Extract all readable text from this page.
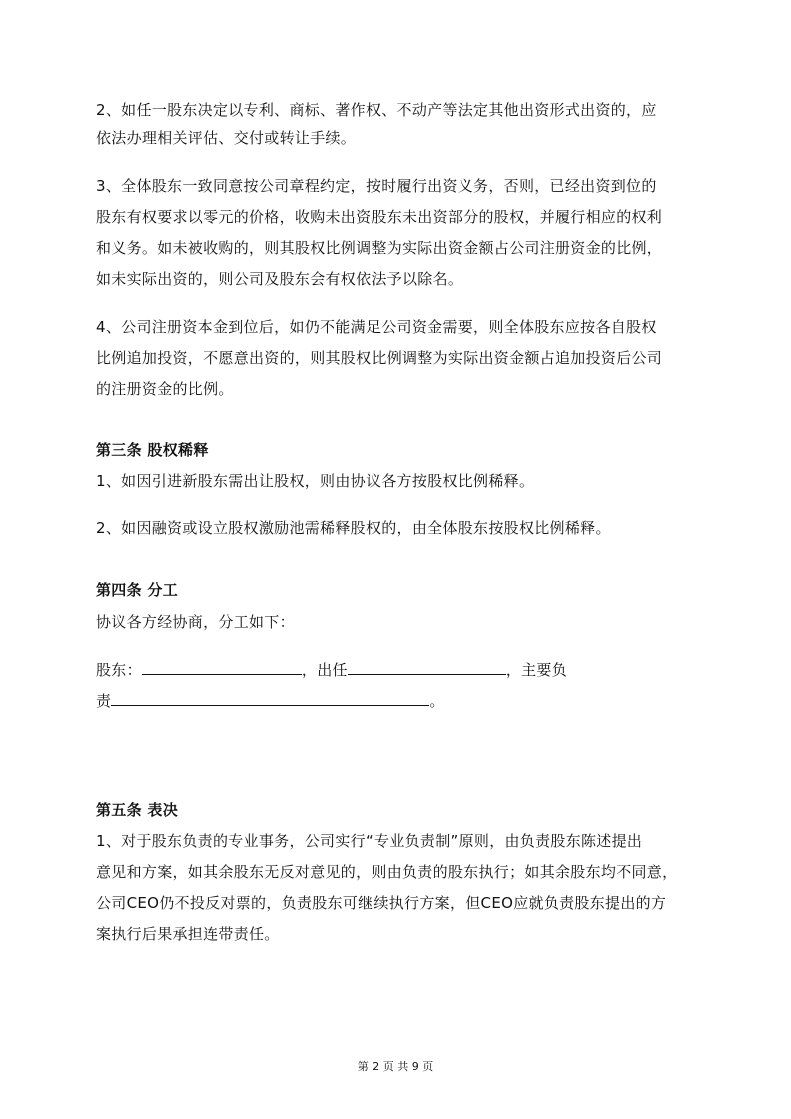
2、如任一股东决定以专利、商标、著作权、不动产等法定其他出资形式出资的，应
依法办理相关评估、交付或转让手续。
3、全体股东一致同意按公司章程约定，按时履行出资义务，否则，已经出资到位的
股东有权要求以零元的价格，收购未出资股东未出资部分的股权，并履行相应的权利
和义务。如未被收购的，则其股权比例调整为实际出资金额占公司注册资金的比例，
如未实际出资的，则公司及股东会有权依法予以除名。
4、公司注册资本金到位后，如仍不能满足公司资金需要，则全体股东应按各自股权
比例追加投资，不愿意出资的，则其股权比例调整为实际出资金额占追加投资后公司
的注册资金的比例。
第三条 股权稀释
1、如因引进新股东需出让股权，则由协议各方按股权比例稀释。
2、如因融资或设立股权激励池需稀释股权的，由全体股东按股权比例稀释。
第四条 分工
协议各方经协商，分工如下：
股东：	，出任	，主要负
责	。
第五条 表决
1、对于股东负责的专业事务，公司实行“专业负责制”原则，由负责股东陈述提出
意见和方案，如其余股东无反对意见的，则由负责的股东执行；如其余股东均不同意，
公司CEO仍不投反对票的，负责股东可继续执行方案，但CEO应就负责股东提出的方
案执行后果承担连带责任。
第 2 页 共 9 页
